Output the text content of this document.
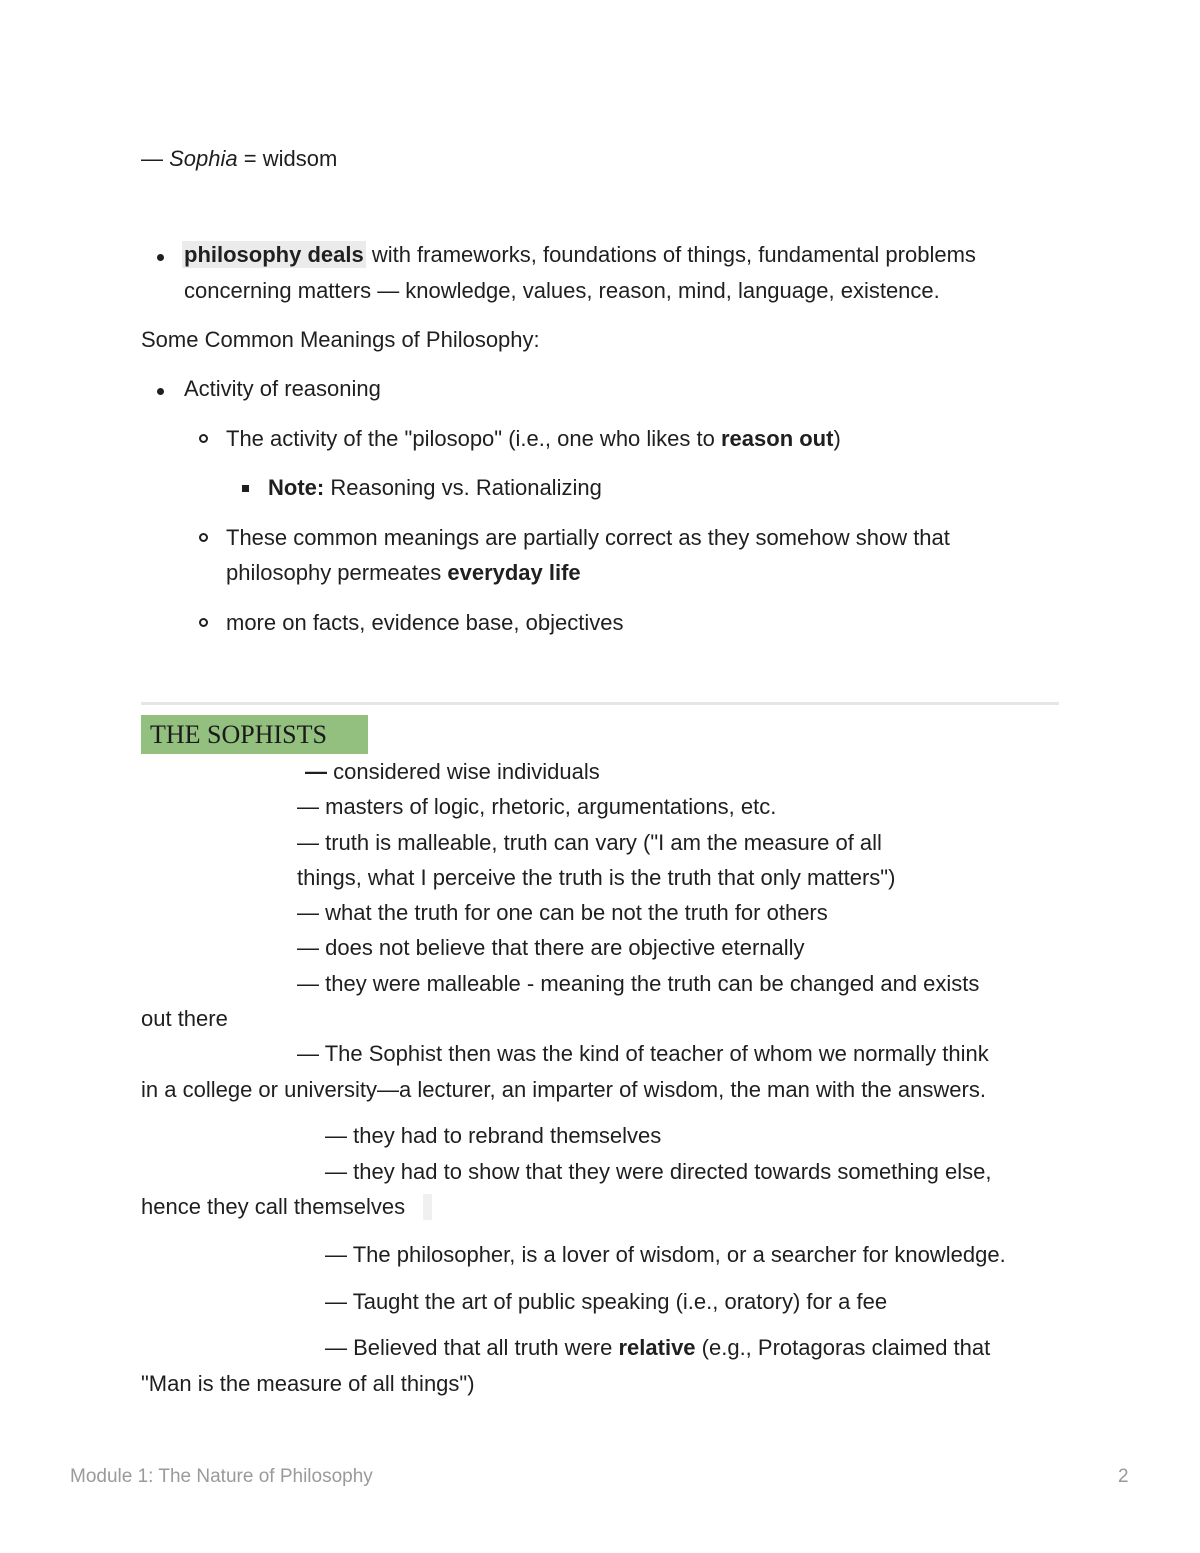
— Sophia = widsom
philosophy deals with frameworks, foundations of things, fundamental problems
concerning matters — knowledge, values, reason, mind, language, existence.
Some Common Meanings of Philosophy:
Activity of reasoning
The activity of the "pilosopo" (i.e., one who likes to reason out)
Note: Reasoning vs. Rationalizing
These common meanings are partially correct as they somehow show that
philosophy permeates everyday life
more on facts, evidence base, objectives
THE SOPHISTS
— considered wise individuals
— masters of logic, rhetoric, argumentations, etc.
— truth is malleable, truth can vary ("I am the measure of all
things, what I perceive the truth is the truth that only matters")
— what the truth for one can be not the truth for others
— does not believe that there are objective eternally
— they were malleable - meaning the truth can be changed and exists
out there
— The Sophist then was the kind of teacher of whom we normally think
in a college or university—a lecturer, an imparter of wisdom, the man with the answers.
— they had to rebrand themselves
— they had to show that they were directed towards something else,
hence they call themselves
— The philosopher, is a lover of wisdom, or a searcher for knowledge.
— Taught the art of public speaking (i.e., oratory) for a fee
— Believed that all truth were relative (e.g., Protagoras claimed that
"Man is the measure of all things")
Module 1: The Nature of Philosophy	2
